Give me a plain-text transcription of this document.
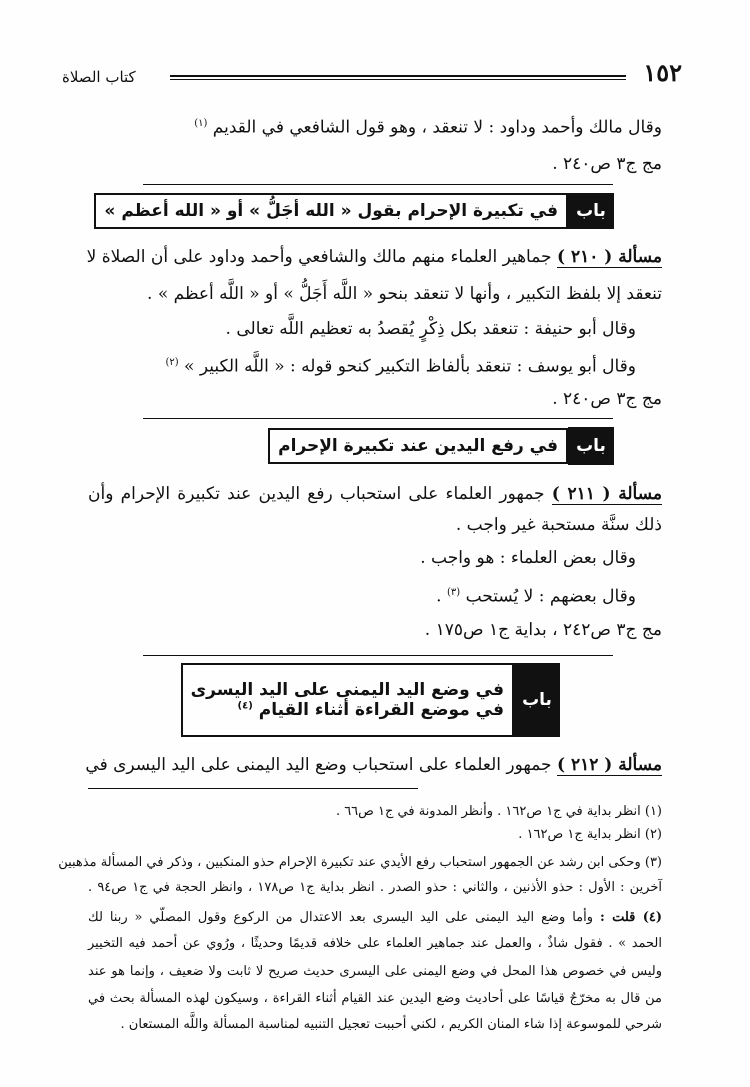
١٥٢
كتاب الصلاة
وقال مالك وأحمد وداود : لا تنعقد ، وهو قول الشافعي في القديم $^{(١)}$
مج ج٣ ص٢٤٠ .
باب
في تكبيرة الإحرام بقول « الله أجَلُّ » أو « الله أعظم »
مسألة ( ٢١٠ ) جماهير العلماء منهم مالك والشافعي وأحمد وداود على أن الصلاة لا
تنعقد إلا بلفظ التكبير ، وأنها لا تنعقد بنحو « اللَّه أَجَلُّ » أو « اللَّه أعظم » .
وقال أبو حنيفة : تنعقد بكل ذِكْرٍ يُقصدُ به تعظيم اللَّه تعالى .
وقال أبو يوسف : تنعقد بألفاظ التكبير كنحو قوله : « اللَّه الكبير » $^{(٢)}$
مج ج٣ ص٢٤٠ .
باب
في رفع اليدين عند تكبيرة الإحرام
مسألة ( ٢١١ ) جمهور العلماء على استحباب رفع اليدين عند تكبيرة الإحرام وأن
ذلك سنَّة مستحبة غير واجب .
وقال بعض العلماء : هو واجب .
وقال بعضهم : لا يُستحب $^{(٣)}$ .
مج ج٣ ص٢٤٢ ، بداية ج١ ص١٧٥ .
باب
في وضع اليد اليمنى على اليد اليسرى
في موضع القراءة أثناء القيام $^{(٤)}$
مسألة ( ٢١٢ ) جمهور العلماء على استحباب وضع اليد اليمنى على اليد اليسرى في
(١) انظر بداية في ج١ ص١٦٢ . وأنظر المدونة في ج١ ص٦٦ .
(٢) انظر بداية ج١ ص١٦٢ .
(٣) وحكى ابن رشد عن الجمهور استحباب رفع الأيدي عند تكبيرة الإحرام حذو المنكبين ، وذكر في المسألة مذهبين
آخرين : الأول : حذو الأذنين ، والثاني : حذو الصدر . انظر بداية ج١ ص١٧٨ ، وانظر الحجة في ج١ ص٩٤ .
(٤) قلت : وأما وضع اليد اليمنى على اليد اليسرى بعد الاعتدال من الركوع وقول المصلّي « ربنا لك
الحمد » . فقول شاذٌ ، والعمل عند جماهير العلماء على خلافه قديمًا وحديثًا ، ورُوي عن أحمد فيه التخيير
وليس في خصوص هذا المحل في وضع اليمنى على اليسرى حديث صريح لا ثابت ولا ضعيف ، وإنما هو عند
من قال به مخرّجٌ قياسًا على أحاديث وضع اليدين عند القيام أثناء القراءة ، وسيكون لهذه المسألة بحث في
شرحي للموسوعة إذا شاء المنان الكريم ، لكني أحببت تعجيل التنبيه لمناسبة المسألة واللَّه المستعان .
